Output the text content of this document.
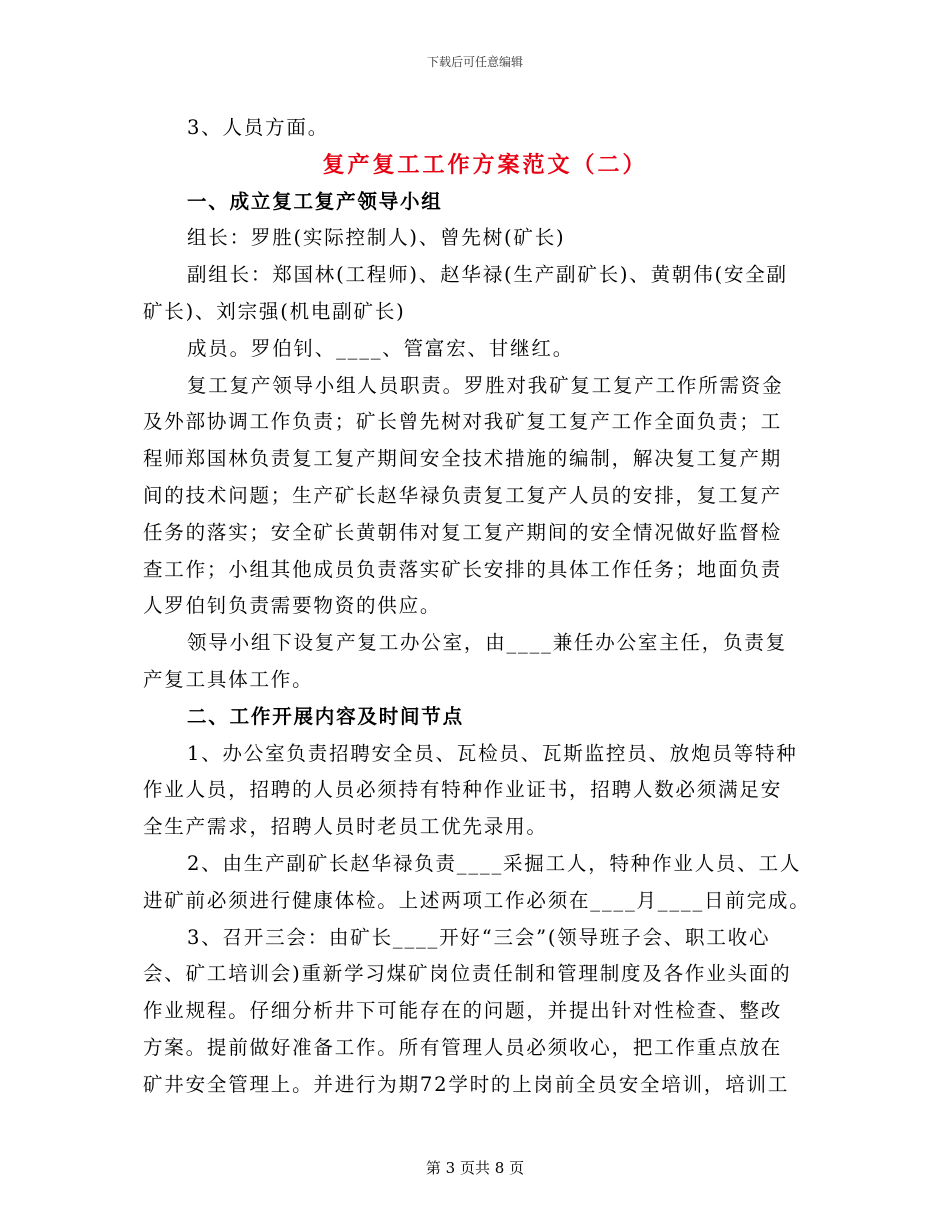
下载后可任意编辑

3、人员方面。

复产复工工作方案范文（二）

一、成立复工复产领导小组

组长：罗胜(实际控制人)、曾先树(矿长)

副组长：郑国林(工程师)、赵华禄(生产副矿长)、黄朝伟(安全副
矿长)、刘宗强(机电副矿长)

成员。罗伯钊、____、管富宏、甘继红。

复工复产领导小组人员职责。罗胜对我矿复工复产工作所需资金
及外部协调工作负责；矿长曾先树对我矿复工复产工作全面负责；工
程师郑国林负责复工复产期间安全技术措施的编制，解决复工复产期
间的技术问题；生产矿长赵华禄负责复工复产人员的安排，复工复产
任务的落实；安全矿长黄朝伟对复工复产期间的安全情况做好监督检
查工作；小组其他成员负责落实矿长安排的具体工作任务；地面负责
人罗伯钊负责需要物资的供应。
领导小组下设复产复工办公室，由____兼任办公室主任，负责复
产复工具体工作。

二、工作开展内容及时间节点

1、办公室负责招聘安全员、瓦检员、瓦斯监控员、放炮员等特种
作业人员，招聘的人员必须持有特种作业证书，招聘人数必须满足安
全生产需求，招聘人员时老员工优先录用。
2、由生产副矿长赵华禄负责____采掘工人，特种作业人员、工人
进矿前必须进行健康体检。上述两项工作必须在____月____日前完成。
3、召开三会：由矿长____开好“三会”(领导班子会、职工收心
会、矿工培训会)重新学习煤矿岗位责任制和管理制度及各作业头面的
作业规程。仔细分析井下可能存在的问题，并提出针对性检查、整改
方案。提前做好准备工作。所有管理人员必须收心，把工作重点放在
矿井安全管理上。并进行为期72学时的上岗前全员安全培训，培训工
第 3 页共 8 页
